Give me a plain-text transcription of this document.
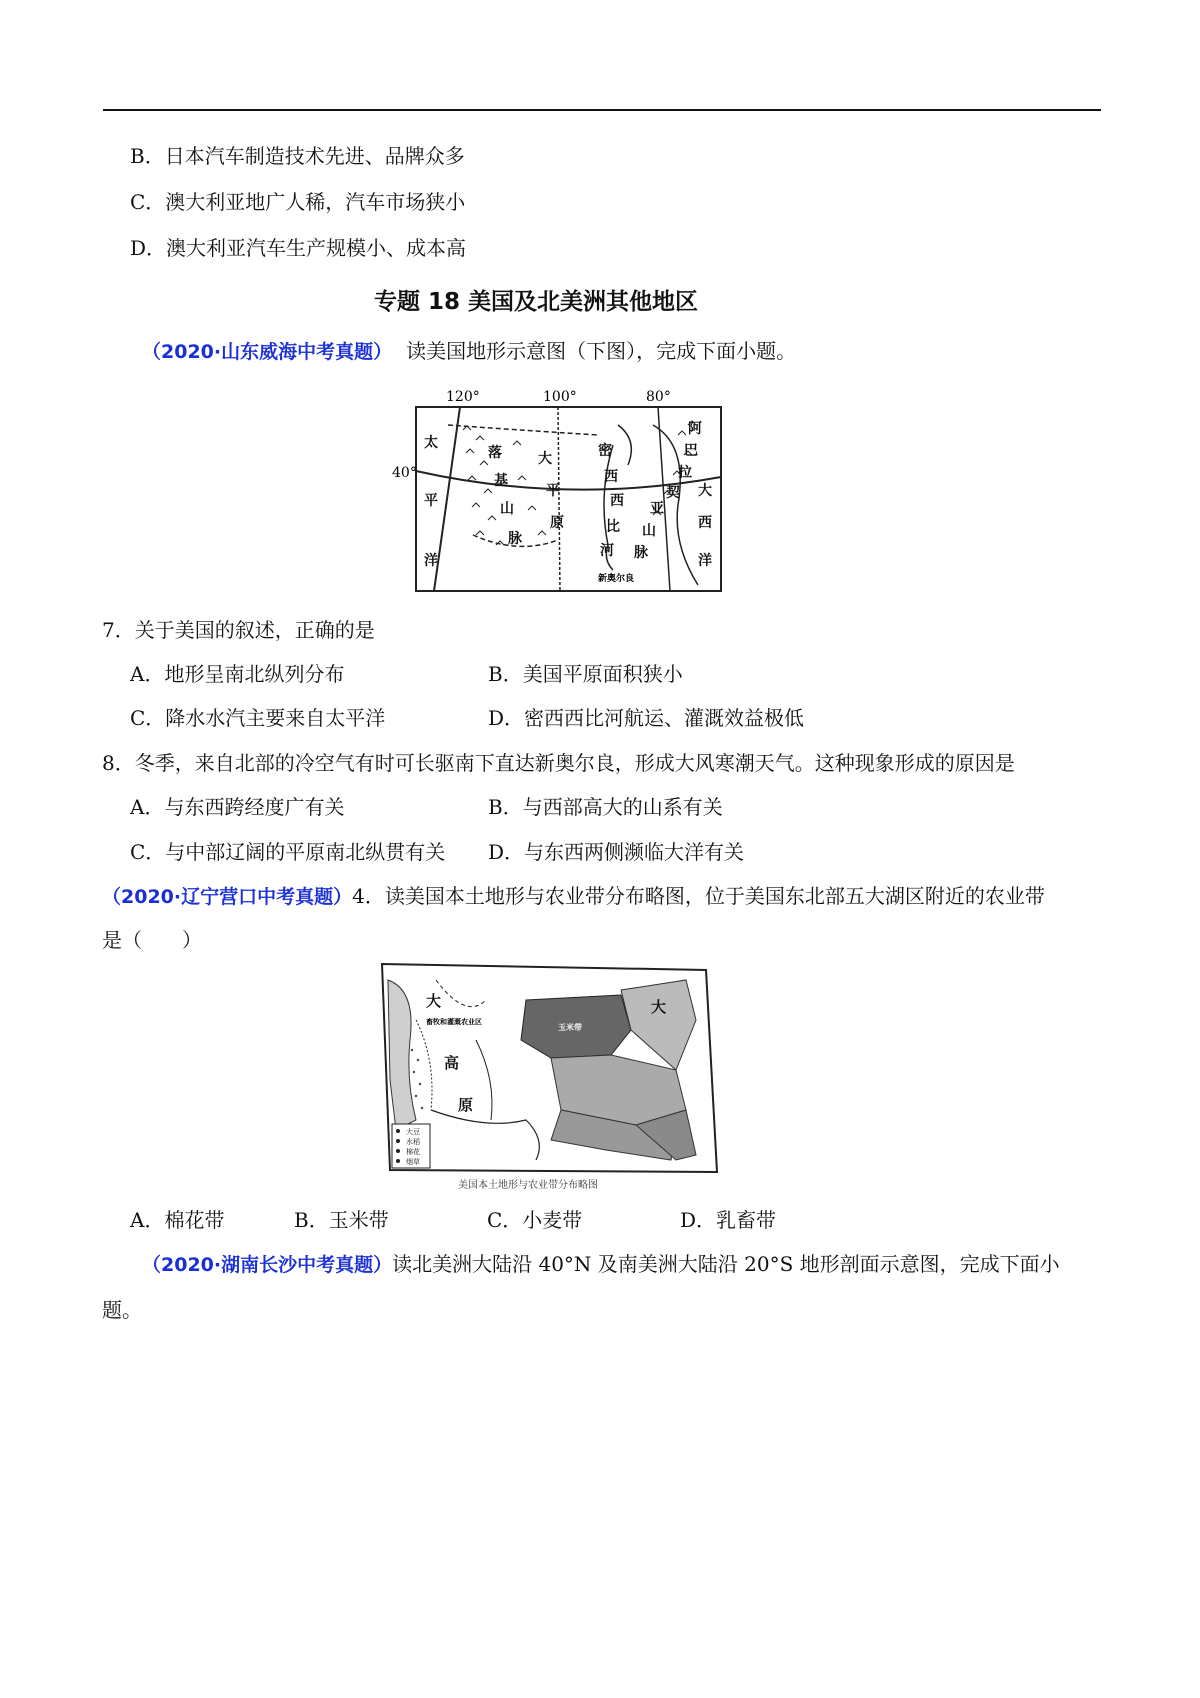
B．日本汽车制造技术先进、品牌众多
C．澳大利亚地广人稀，汽车市场狭小
D．澳大利亚汽车生产规模小、成本高
专题 18 美国及北美洲其他地区
（2020·山东威海中考真题） 读美国地形示意图（下图），完成下面小题。
120°	100°	80°
40°
太
平
洋
落
基
山
脉
大
平
原
密
西
西
比
河
阿
巴
拉
契
亚
山
脉
大
西
洋
新奥尔良
7．关于美国的叙述，正确的是
A．地形呈南北纵列分布	B．美国平原面积狭小
C．降水水汽主要来自太平洋	D．密西西比河航运、灌溉效益极低
8．冬季，来自北部的冷空气有时可长驱南下直达新奥尔良，形成大风寒潮天气。这种现象形成的原因是
A．与东西跨经度广有关	B．与西部高大的山系有关
C．与中部辽阔的平原南北纵贯有关 D．与东西两侧濒临大洋有关
（2020·辽宁营口中考真题）4．读美国本土地形与农业带分布略图，位于美国东北部五大湖区附近的农业带
是（　　）
大
高
原
大
畜牧和灌溉农业区
玉米带
大豆
水稻
棉花
烟草
美国本土地形与农业带分布略图
A．棉花带	B．玉米带	C．小麦带	D．乳畜带
（2020·湖南长沙中考真题）读北美洲大陆沿 40°N 及南美洲大陆沿 20°S 地形剖面示意图，完成下面小
题。
